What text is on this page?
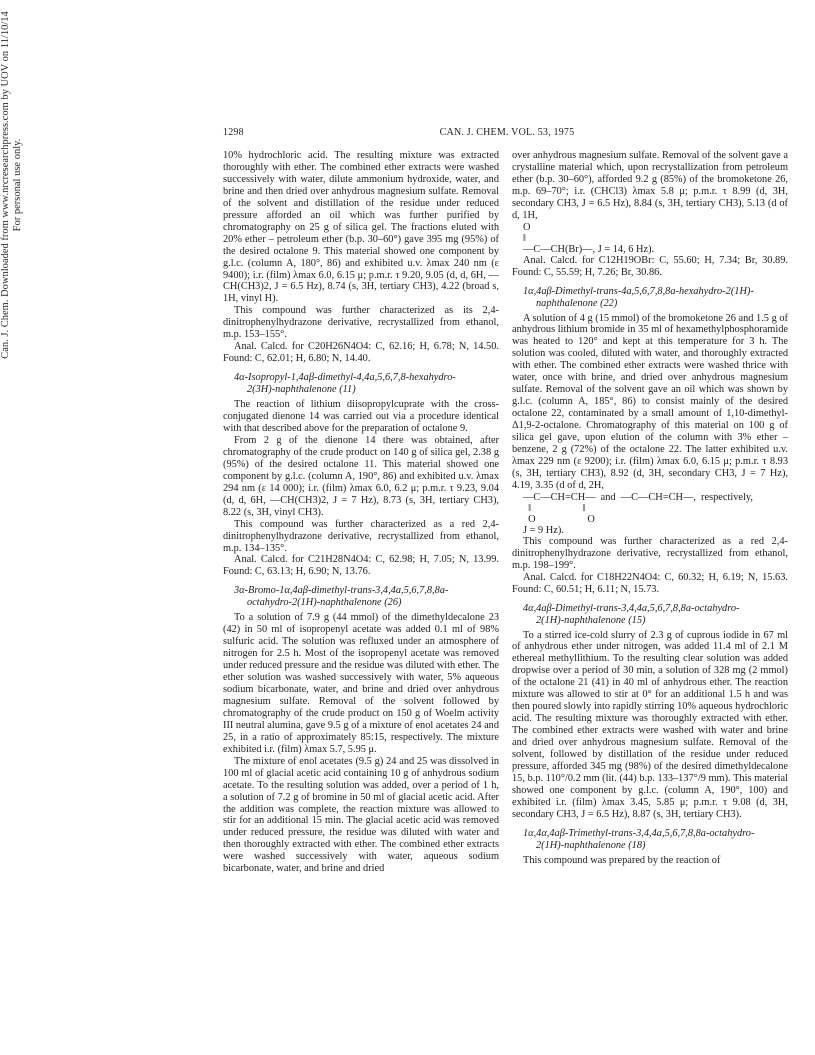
Can. J. Chem. Downloaded from www.nrcresearchpress.com by UOV on 11/10/14 For personal use only.
1298	CAN. J. CHEM. VOL. 53, 1975

10% hydrochloric acid. The resulting mixture was extracted thoroughly with ether. The combined ether extracts were washed successively with water, dilute ammonium hydroxide, water, and brine and then dried over anhydrous magnesium sulfate. Removal of the solvent and distillation of the residue under reduced pressure afforded an oil which was further purified by chromatography on 25 g of silica gel. The fractions eluted with 20% ether – petroleum ether (b.p. 30–60°) gave 395 mg (95%) of the desired octalone 9. This material showed one component by g.l.c. (column A, 180°, 86) and exhibited u.v. λmax 240 nm (ε 9400); i.r. (film) λmax 6.0, 6.15 μ; p.m.r. τ 9.20, 9.05 (d, d, 6H, —CH(CH3)2, J = 6.5 Hz), 8.74 (s, 3H, tertiary CH3), 4.22 (broad s, 1H, vinyl H).

This compound was further characterized as its 2,4-dinitrophenylhydrazone derivative, recrystallized from ethanol, m.p. 153–155°.

Anal. Calcd. for C20H26N4O4: C, 62.16; H, 6.78; N, 14.50. Found: C, 62.01; H, 6.80; N, 14.40.

4α-Isopropyl-1,4aβ-dimethyl-4,4a,5,6,7,8-hexahydro-
2(3H)-naphthalenone (11)

The reaction of lithium diisopropylcuprate with the cross-conjugated dienone 14 was carried out via a procedure identical with that described above for the preparation of octalone 9.

From 2 g of the dienone 14 there was obtained, after chromatography of the crude product on 140 g of silica gel, 2.38 g (95%) of the desired octalone 11. This material showed one component by g.l.c. (column A, 190°, 86) and exhibited u.v. λmax 294 nm (ε 14 000); i.r. (film) λmax 6.0, 6.2 μ; p.m.r. τ 9.23, 9.04 (d, d, 6H, —CH(CH3)2, J = 7 Hz), 8.73 (s, 3H, tertiary CH3), 8.22 (s, 3H, vinyl CH3).

This compound was further characterized as a red 2,4-dinitrophenylhydrazone derivative, recrystallized from ethanol, m.p. 134–135°.

Anal. Calcd. for C21H28N4O4: C, 62.98; H, 7.05; N, 13.99. Found: C, 63.13; H, 6.90; N, 13.76.

3α-Bromo-1α,4aβ-dimethyl-trans-3,4,4a,5,6,7,8,8a-
octahydro-2(1H)-naphthalenone (26)

To a solution of 7.9 g (44 mmol) of the dimethyldecalone 23 (42) in 50 ml of isopropenyl acetate was added 0.1 ml of 98% sulfuric acid. The solution was refluxed under an atmosphere of nitrogen for 2.5 h. Most of the isopropenyl acetate was removed under reduced pressure and the residue was diluted with ether. The ether solution was washed successively with water, 5% aqueous sodium bicarbonate, water, and brine and dried over anhydrous magnesium sulfate. Removal of the solvent followed by chromatography of the crude product on 150 g of Woelm activity III neutral alumina, gave 9.5 g of a mixture of enol acetates 24 and 25, in a ratio of approximately 85:15, respectively. The mixture exhibited i.r. (film) λmax 5.7, 5.95 μ.

The mixture of enol acetates (9.5 g) 24 and 25 was dissolved in 100 ml of glacial acetic acid containing 10 g of anhydrous sodium acetate. To the resulting solution was added, over a period of 1 h, a solution of 7.2 g of bromine in 50 ml of glacial acetic acid. After the addition was complete, the reaction mixture was allowed to stir for an additional 15 min. The glacial acetic acid was removed under reduced pressure, the residue was diluted with water and then thoroughly extracted with ether. The combined ether extracts were washed successively with water, aqueous sodium bicarbonate, water, and brine and dried

over anhydrous magnesium sulfate. Removal of the solvent gave a crystalline material which, upon recrystallization from petroleum ether (b.p. 30–60°), afforded 9.2 g (85%) of the bromoketone 26, m.p. 69–70°; i.r. (CHCl3) λmax 5.8 μ; p.m.r. τ 8.99 (d, 3H, secondary CH3, J = 6.5 Hz), 8.84 (s, 3H, tertiary CH3), 5.13 (d of d, 1H,

O
‖
—C—CH(Br)—, J = 14, 6 Hz).

Anal. Calcd. for C12H19OBr: C, 55.60; H, 7.34; Br, 30.89. Found: C, 55.59; H, 7.26; Br, 30.86.

1α,4aβ-Dimethyl-trans-4a,5,6,7,8,8a-hexahydro-2(1H)-
naphthalenone (22)

A solution of 4 g (15 mmol) of the bromoketone 26 and 1.5 g of anhydrous lithium bromide in 35 ml of hexamethylphosphoramide was heated to 120° and kept at this temperature for 3 h. The solution was cooled, diluted with water, and thoroughly extracted with ether. The combined ether extracts were washed thrice with water, once with brine, and dried over anhydrous magnesium sulfate. Removal of the solvent gave an oil which was shown by g.l.c. (column A, 185°, 86) to consist mainly of the desired octalone 22, contaminated by a small amount of 1,10-dimethyl-Δ1,9-2-octalone. Chromatography of this material on 100 g of silica gel gave, upon elution of the column with 3% ether – benzene, 2 g (72%) of the octalone 22. The latter exhibited u.v. λmax 229 nm (ε 9200); i.r. (film) λmax 6.0, 6.15 μ; p.m.r. τ 8.93 (s, 3H, tertiary CH3), 8.92 (d, 3H, secondary CH3, J = 7 Hz), 4.19, 3.35 (d of d, 2H,

—C—CH=CH—  and  —C—CH=CH—,  respectively,
‖                    ‖
O                    O
J = 9 Hz).

This compound was further characterized as a red 2,4-dinitrophenylhydrazone derivative, recrystallized from ethanol, m.p. 198–199°.

Anal. Calcd. for C18H22N4O4: C, 60.32; H, 6.19; N, 15.63. Found: C, 60.51; H, 6.11; N, 15.73.

4α,4aβ-Dimethyl-trans-3,4,4a,5,6,7,8,8a-octahydro-
2(1H)-naphthalenone (15)

To a stirred ice-cold slurry of 2.3 g of cuprous iodide in 67 ml of anhydrous ether under nitrogen, was added 11.4 ml of 2.1 M ethereal methyllithium. To the resulting clear solution was added dropwise over a period of 30 min, a solution of 328 mg (2 mmol) of the octalone 21 (41) in 40 ml of anhydrous ether. The reaction mixture was allowed to stir at 0° for an additional 1.5 h and was then poured slowly into rapidly stirring 10% aqueous hydrochloric acid. The resulting mixture was thoroughly extracted with ether. The combined ether extracts were washed with water and brine and dried over anhydrous magnesium sulfate. Removal of the solvent, followed by distillation of the residue under reduced pressure, afforded 345 mg (98%) of the desired dimethyldecalone 15, b.p. 110°/0.2 mm (lit. (44) b.p. 133–137°/9 mm). This material showed one component by g.l.c. (column A, 190°, 100) and exhibited i.r. (film) λmax 3.45, 5.85 μ; p.m.r. τ 9.08 (d, 3H, secondary CH3, J = 6.5 Hz), 8.87 (s, 3H, tertiary CH3).

1α,4α,4aβ-Trimethyl-trans-3,4,4a,5,6,7,8,8a-octahydro-
2(1H)-naphthalenone (18)

This compound was prepared by the reaction of
